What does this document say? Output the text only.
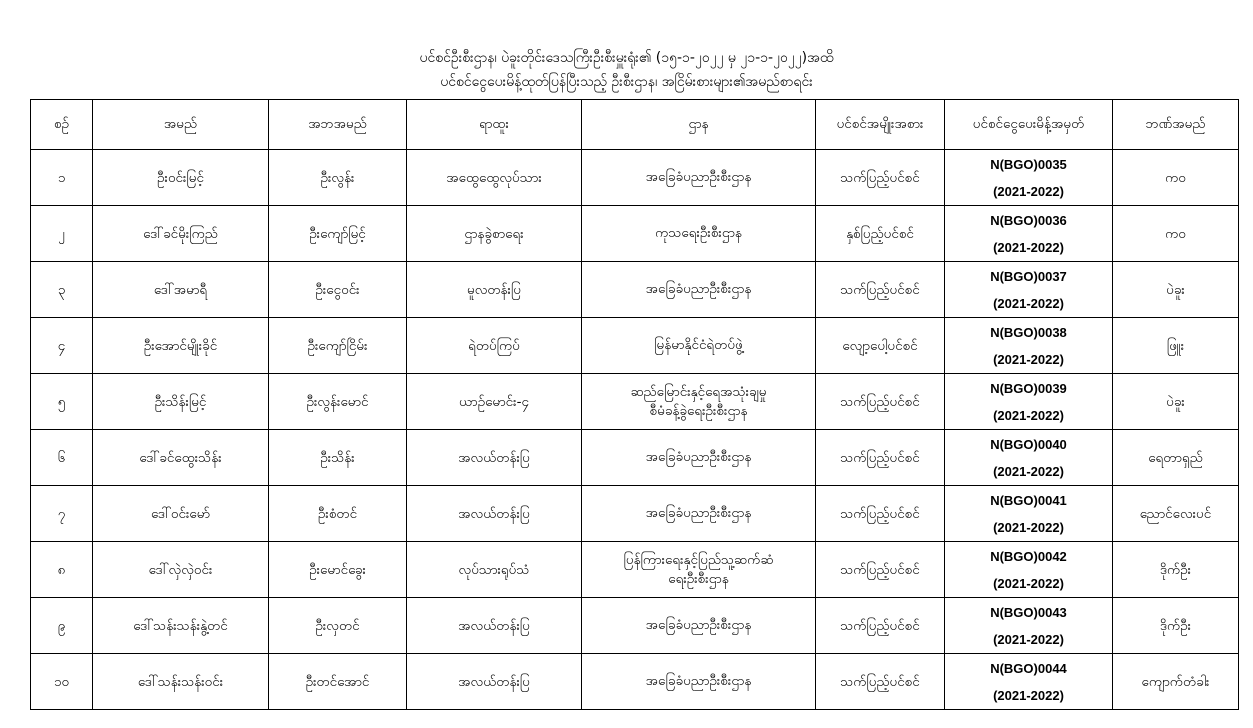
ပင်စင်ဦးစီးဌာန၊ ပဲခူးတိုင်းဒေသကြီးဦးစီးမှူးရုံး၏ (၁၅-၁-၂၀၂၂ မှ ၂၁-၁-၂၀၂၂)အထိ
ပင်စင်ငွေပေးမိန့်ထုတ်ပြန်ပြီးသည့် ဦးစီးဌာန၊ အငြိမ်းစားများ၏အမည်စာရင်း
စဉ်	အမည်	အဘအမည်	ရာထူး	ဌာန	ပင်စင်အမျိုးအစား	ပင်စင်ငွေပေးမိန့်အမှတ်	ဘဏ်အမည်
၁	ဦးဝင်းမြင့်	ဦးလွန်း	အထွေထွေလုပ်သား	အခြေခံပညာဦးစီးဌာန	သက်ပြည့်ပင်စင်	N(BGO)0035
(2021-2022)	ကဝ
၂	ဒေါ်ခင်မိုးကြည်	ဦးကျော်မြင့်	ဌာနခွဲစာရေး	ကုသရေးဦးစီးဌာန	နှစ်ပြည့်ပင်စင်	N(BGO)0036
(2021-2022)	ကဝ
၃	ဒေါ်အမာရီ	ဦးငွေဝင်း	မူလတန်းပြ	အခြေခံပညာဦးစီးဌာန	သက်ပြည့်ပင်စင်	N(BGO)0037
(2021-2022)	ပဲခူး
၄	ဦးအောင်မျိုးခိုင်	ဦးကျော်ငြိမ်း	ရဲတပ်ကြပ်	မြန်မာနိုင်ငံရဲတပ်ဖွဲ့	လျော့ပေါ့ပင်စင်	N(BGO)0038
(2021-2022)	ဖြူး
၅	ဦးသိန်းမြင့်	ဦးလွန်းမောင်	ယာဉ်မောင်း-၄	ဆည်မြောင်းနှင့်ရေအသုံးချမှု
စီမံခန့်ခွဲရေးဦးစီးဌာန	သက်ပြည့်ပင်စင်	N(BGO)0039
(2021-2022)	ပဲခူး
၆	ဒေါ်ခင်ထွေးသိန်း	ဦးသိန်း	အလယ်တန်းပြ	အခြေခံပညာဦးစီးဌာန	သက်ပြည့်ပင်စင်	N(BGO)0040
(2021-2022)	ရေတာရှည်
၇	ဒေါ်ဝင်းမော်	ဦးစံတင်	အလယ်တန်းပြ	အခြေခံပညာဦးစီးဌာန	သက်ပြည့်ပင်စင်	N(BGO)0041
(2021-2022)	ညောင်လေးပင်
၈	ဒေါ်လှဲလှဲဝင်း	ဦးမောင်ခွေး	လုပ်သားရုပ်သံ	ပြန်ကြားရေးနှင့်ပြည်သူ့ဆက်ဆံ
ရေးဦးစီးဌာန	သက်ပြည့်ပင်စင်	N(BGO)0042
(2021-2022)	ဒိုက်ဦး
၉	ဒေါ်သန်းသန်းနွဲ့တင်	ဦးလှတင်	အလယ်တန်းပြ	အခြေခံပညာဦးစီးဌာန	သက်ပြည့်ပင်စင်	N(BGO)0043
(2021-2022)	ဒိုက်ဦး
၁၀	ဒေါ်သန်းသန်းဝင်း	ဦးတင်အောင်	အလယ်တန်းပြ	အခြေခံပညာဦးစီးဌာန	သက်ပြည့်ပင်စင်	N(BGO)0044
(2021-2022)	ကျောက်တံခါး
